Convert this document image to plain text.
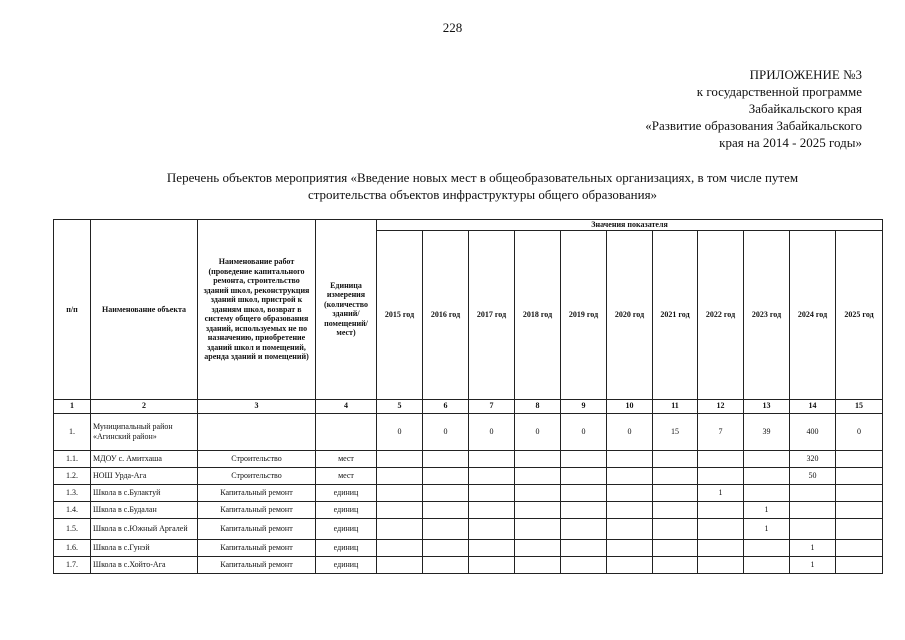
228
ПРИЛОЖЕНИЕ №3
к государственной программе
Забайкальского края
«Развитие образования Забайкальского
края на 2014 - 2025 годы»
Перечень объектов мероприятия «Введение новых мест в общеобразовательных организациях, в том числе путем
строительства объектов инфраструктуры общего образования»
п/п	Наименование объекта	Наименование работ (проведение капитального ремонта, строительство зданий школ, реконструкция зданий школ, пристрой к зданиям школ, возврат в систему общего образования зданий, используемых не по назначению, приобретение зданий школ и помещений, аренда зданий и помещений)	Единица измерения (количество зданий/помещений/мест)	Значения показателя										
				2015 год	2016 год	2017 год	2018 год	2019 год	2020 год	2021 год	2022 год	2023 год	2024 год	2025 год
1	2	3	4	5	6	7	8	9	10	11	12	13	14	15
1.	Муниципальный район «Агинский район»			0	0	0	0	0	0	15	7	39	400	0
1.1.	МДОУ с. Амитхаша	Строительство	мест										320	
1.2.	НОШ Урда-Ага	Строительство	мест										50	
1.3.	Школа в с.Булактуй	Капитальный ремонт	единиц								1			
1.4.	Школа в с.Будалан	Капитальный ремонт	единиц									1		
1.5.	Школа в с.Южный Аргалей	Капитальный ремонт	единиц									1		
1.6.	Школа в с.Гунэй	Капитальный ремонт	единиц										1	
1.7.	Школа в с.Хойто-Ага	Капитальный ремонт	единиц										1	
